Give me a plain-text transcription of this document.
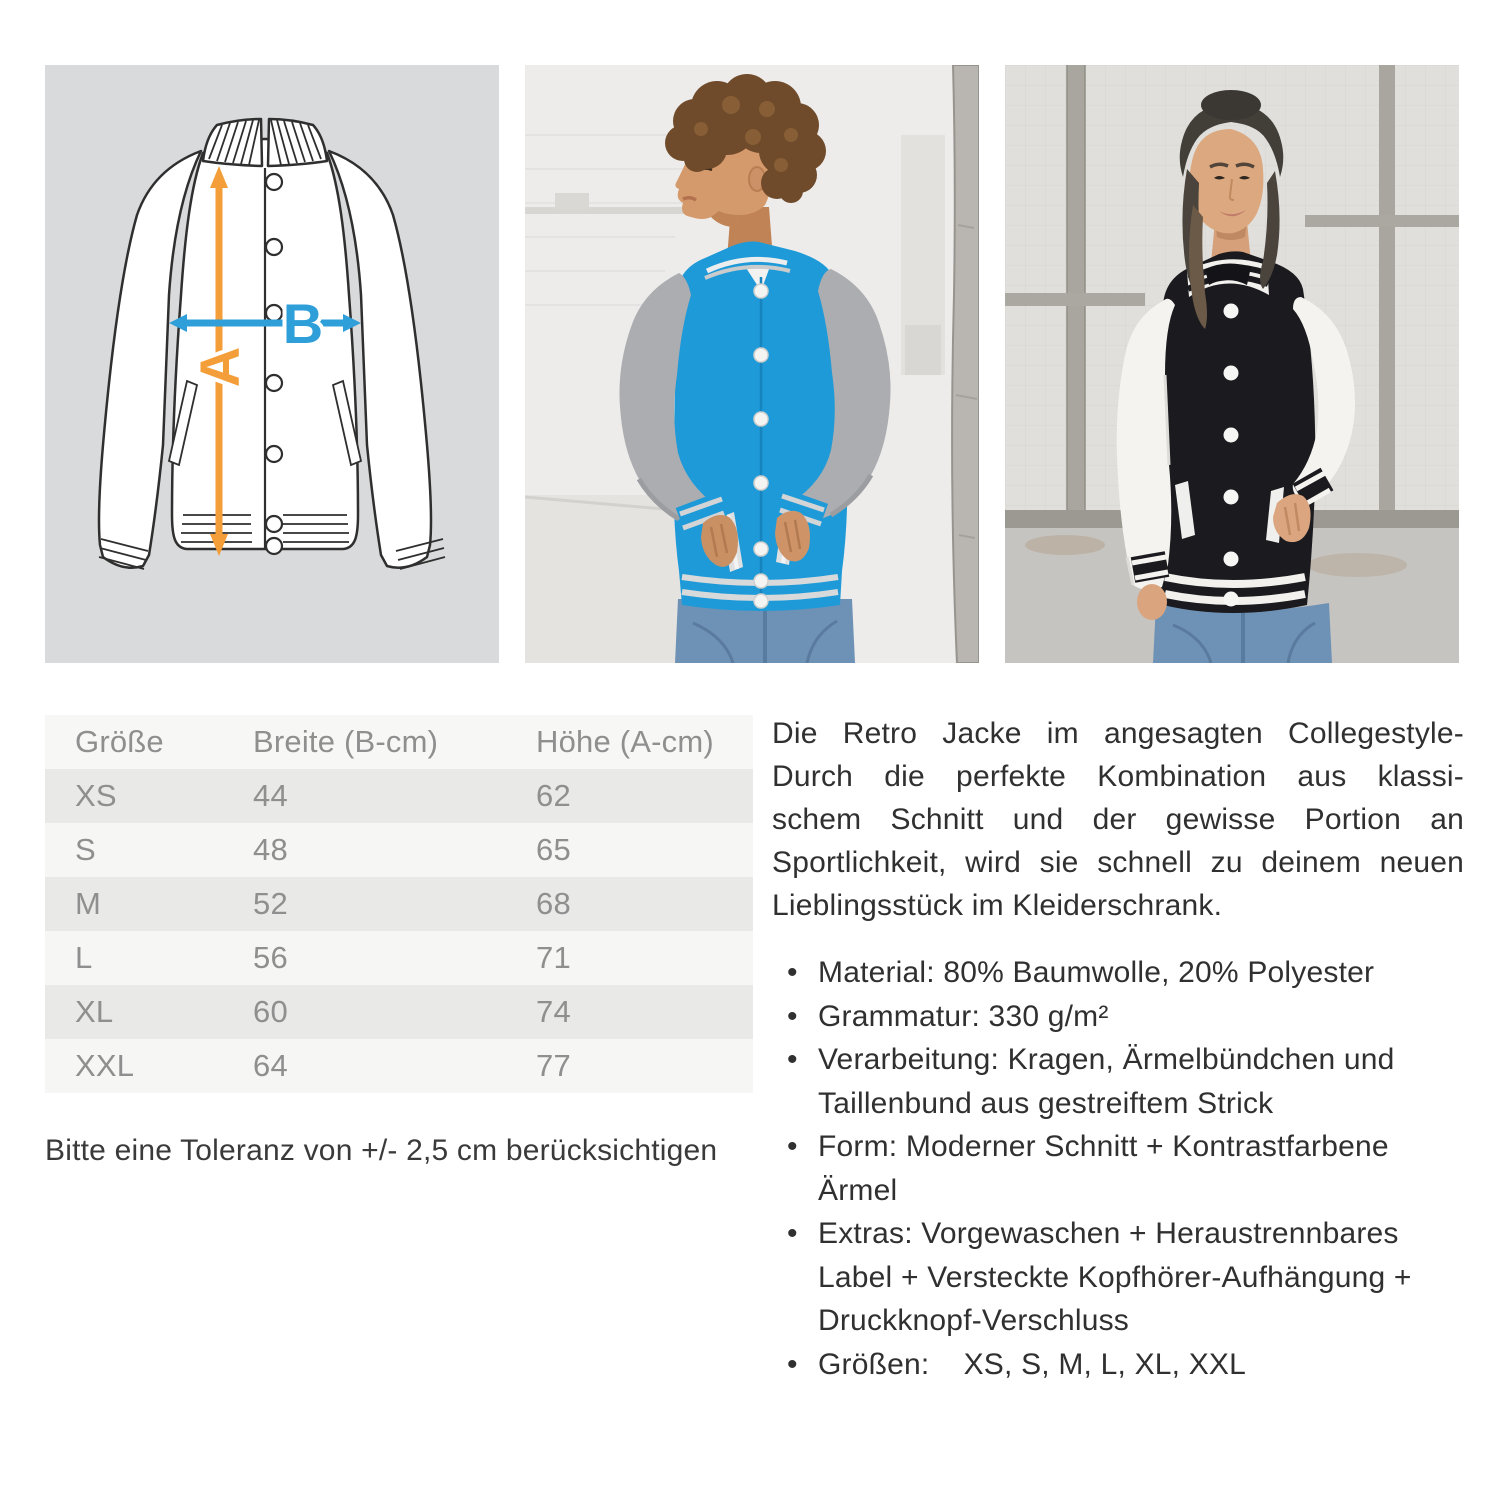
A
B
Größe	Breite (B-cm)	Höhe (A-cm)
XS	44	62
S	48	65
M	52	68
L	56	71
XL	60	74
XXL	64	77

Bitte eine Toleranz von +/- 2,5 cm berücksichtigen

Die Retro Jacke im angesagten Collegestyle-
Durch die perfekte Kombination aus klassi-
schem Schnitt und der gewisse Portion an
Sportlichkeit, wird sie schnell zu deinem neuen
Lieblingsstück im Kleiderschrank.
• Material: 80% Baumwolle, 20% Polyester
• Grammatur: 330 g/m²
• Verarbeitung: Kragen, Ärmelbündchen und
Taillenbund aus gestreiftem Strick
• Form: Moderner Schnitt + Kontrastfarbene
Ärmel
• Extras: Vorgewaschen + Heraustrennbares
Label + Versteckte Kopfhörer-Aufhängung +
Druckknopf-Verschluss
• Größen:    XS, S, M, L, XL, XXL
